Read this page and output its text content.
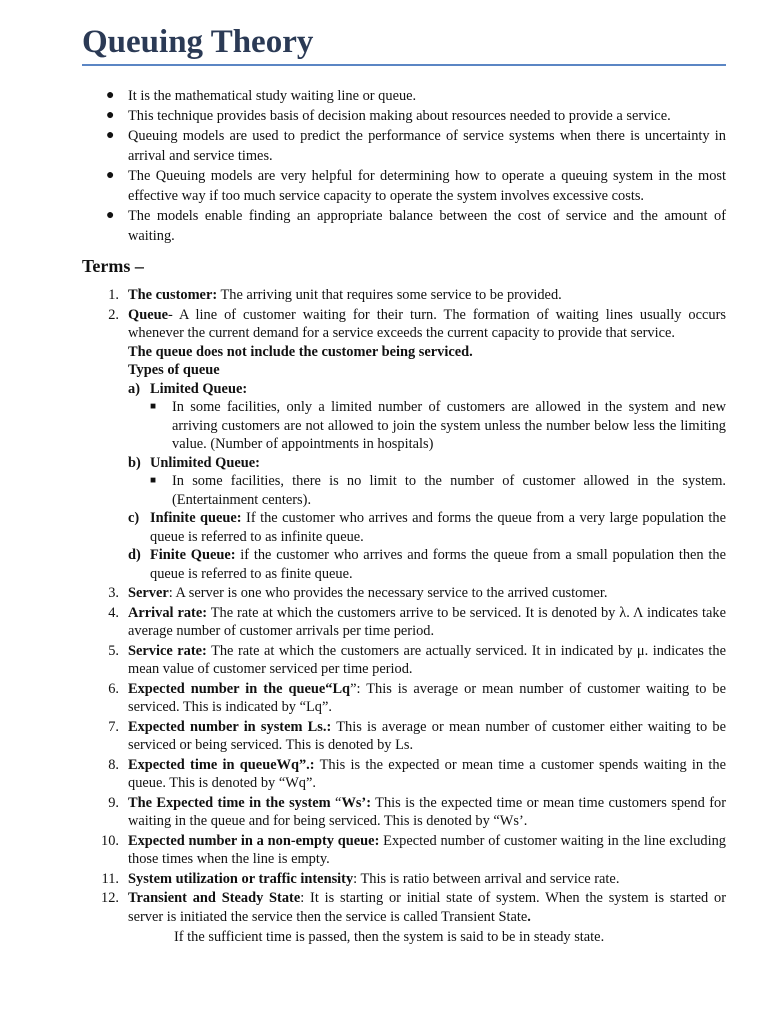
Queuing Theory
● It is the mathematical study waiting line or queue.
● This technique provides basis of decision making about resources needed to provide a service.
● Queuing models are used to predict the performance of service systems when there is uncertainty in arrival and service times.
● The Queuing models are very helpful for determining how to operate a queuing system in the most effective way if too much service capacity to operate the system involves excessive costs.
● The models enable finding an appropriate balance between the cost of service and the amount of waiting.
Terms –
1. The customer: The arriving unit that requires some service to be provided.
2. Queue- A line of customer waiting for their turn. The formation of waiting lines usually occurs whenever the current demand for a service exceeds the current capacity to provide that service.
The queue does not include the customer being serviced.
Types of queue
a) Limited Queue:
■ In some facilities, only a limited number of customers are allowed in the system and new arriving customers are not allowed to join the system unless the number below less the limiting value. (Number of appointments in hospitals)
b) Unlimited Queue:
■ In some facilities, there is no limit to the number of customer allowed in the system.(Entertainment centers).
c) Infinite queue: If the customer who arrives and forms the queue from a very large population the queue is referred to as infinite queue.
d) Finite Queue: if the customer who arrives and forms the queue from a small population then the queue is referred to as finite queue.
3. Server: A server is one who provides the necessary service to the arrived customer.
4. Arrival rate: The rate at which the customers arrive to be serviced. It is denoted by λ. Λ indicates take average number of customer arrivals per time period.
5. Service rate: The rate at which the customers are actually serviced. It in indicated by μ. indicates the mean value of customer serviced per time period.
6. Expected number in the queue“Lq”: This is average or mean number of customer waiting to be serviced. This is indicated by “Lq”.
7. Expected number in system Ls.: This is average or mean number of customer either waiting to be serviced or being serviced. This is denoted by Ls.
8. Expected time in queueWq”.: This is the expected or mean time a customer spends waiting in the queue. This is denoted by “Wq”.
9. The Expected time in the system “Ws’: This is the expected time or mean time customers spend for waiting in the queue and for being serviced. This is denoted by “Ws’.
10. Expected number in a non-empty queue: Expected number of customer waiting in the line excluding those times when the line is empty.
11. System utilization or traffic intensity: This is ratio between arrival and service rate.
12. Transient and Steady State: It is starting or initial state of system. When the system is started or server is initiated the service then the service is called Transient State.
If the sufficient time is passed, then the system is said to be in steady state.
